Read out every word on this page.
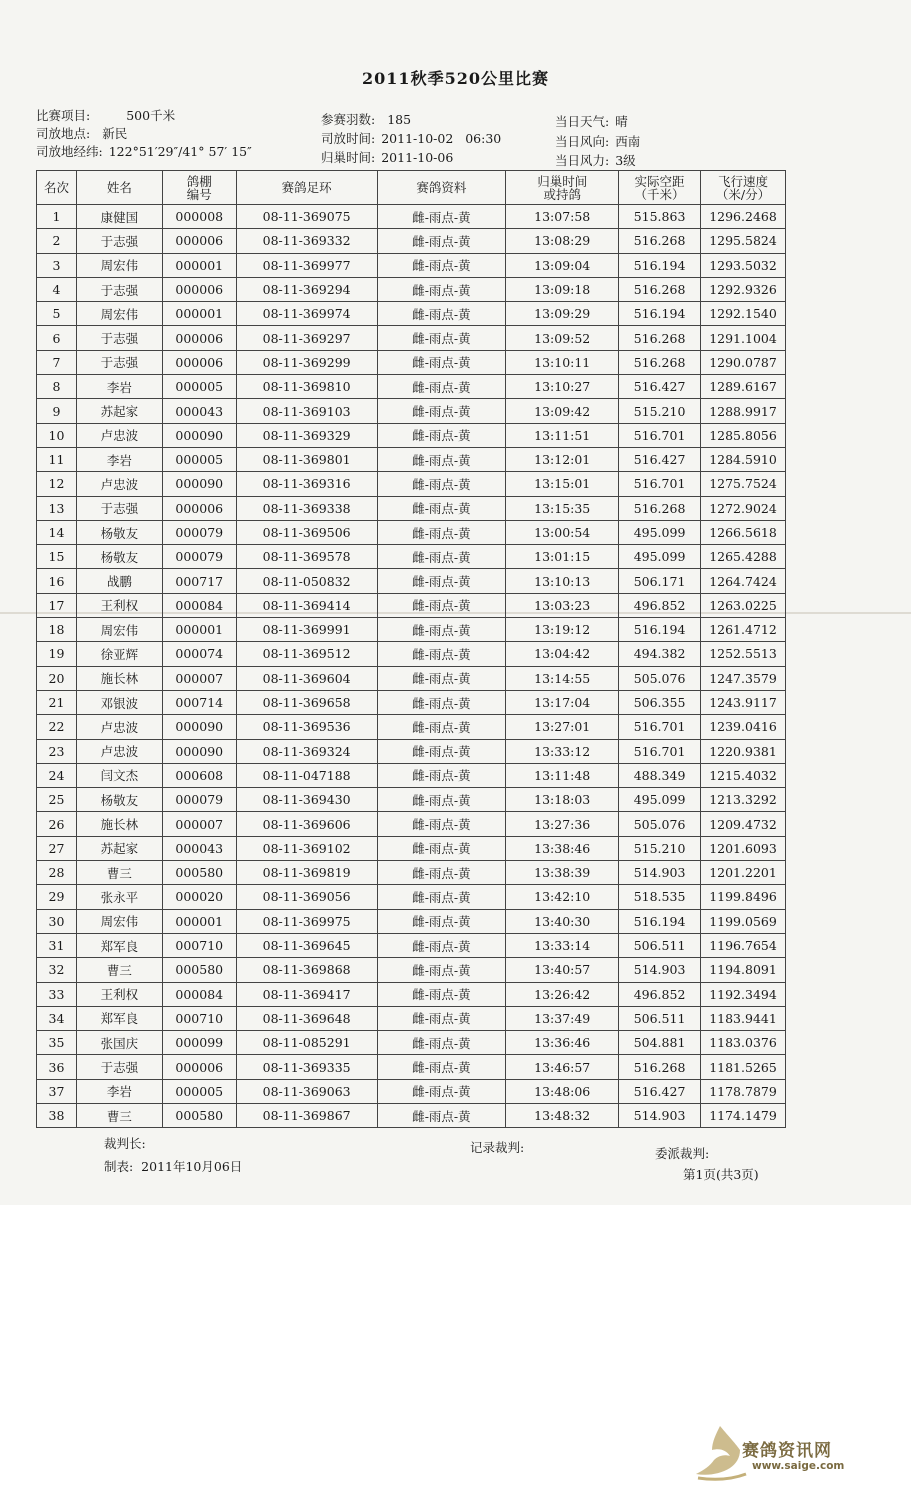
2011秋季520公里比赛
比赛项目:	500千米
司放地点: 新民
司放地经纬: 122°51′29″/41° 57′ 15″
参赛羽数: 185
司放时间: 2011-10-02   06:30
归巢时间: 2011-10-06
当日天气: 晴
当日风向: 西南
当日风力: 3级
名次	姓名	鸽棚编号	赛鸽足环	赛鸽资料	归巢时间或持鸽	实际空距（千米）	飞行速度（米/分）

1	康健国	000008	08-11-369075	雌-雨点-黄	13:07:58	515.863	1296.2468
2	于志强	000006	08-11-369332	雌-雨点-黄	13:08:29	516.268	1295.5824
3	周宏伟	000001	08-11-369977	雌-雨点-黄	13:09:04	516.194	1293.5032
4	于志强	000006	08-11-369294	雌-雨点-黄	13:09:18	516.268	1292.9326
5	周宏伟	000001	08-11-369974	雌-雨点-黄	13:09:29	516.194	1292.1540
6	于志强	000006	08-11-369297	雌-雨点-黄	13:09:52	516.268	1291.1004
7	于志强	000006	08-11-369299	雌-雨点-黄	13:10:11	516.268	1290.0787
8	李岩	000005	08-11-369810	雌-雨点-黄	13:10:27	516.427	1289.6167
9	苏起家	000043	08-11-369103	雌-雨点-黄	13:09:42	515.210	1288.9917
10	卢忠波	000090	08-11-369329	雌-雨点-黄	13:11:51	516.701	1285.8056
11	李岩	000005	08-11-369801	雌-雨点-黄	13:12:01	516.427	1284.5910
12	卢忠波	000090	08-11-369316	雌-雨点-黄	13:15:01	516.701	1275.7524
13	于志强	000006	08-11-369338	雌-雨点-黄	13:15:35	516.268	1272.9024
14	杨敬友	000079	08-11-369506	雌-雨点-黄	13:00:54	495.099	1266.5618
15	杨敬友	000079	08-11-369578	雌-雨点-黄	13:01:15	495.099	1265.4288
16	战鹏	000717	08-11-050832	雌-雨点-黄	13:10:13	506.171	1264.7424
17	王利权	000084	08-11-369414	雌-雨点-黄	13:03:23	496.852	1263.0225
18	周宏伟	000001	08-11-369991	雌-雨点-黄	13:19:12	516.194	1261.4712
19	徐亚辉	000074	08-11-369512	雌-雨点-黄	13:04:42	494.382	1252.5513
20	施长林	000007	08-11-369604	雌-雨点-黄	13:14:55	505.076	1247.3579
21	邓银波	000714	08-11-369658	雌-雨点-黄	13:17:04	506.355	1243.9117
22	卢忠波	000090	08-11-369536	雌-雨点-黄	13:27:01	516.701	1239.0416
23	卢忠波	000090	08-11-369324	雌-雨点-黄	13:33:12	516.701	1220.9381
24	闫文杰	000608	08-11-047188	雌-雨点-黄	13:11:48	488.349	1215.4032
25	杨敬友	000079	08-11-369430	雌-雨点-黄	13:18:03	495.099	1213.3292
26	施长林	000007	08-11-369606	雌-雨点-黄	13:27:36	505.076	1209.4732
27	苏起家	000043	08-11-369102	雌-雨点-黄	13:38:46	515.210	1201.6093
28	曹三	000580	08-11-369819	雌-雨点-黄	13:38:39	514.903	1201.2201
29	张永平	000020	08-11-369056	雌-雨点-黄	13:42:10	518.535	1199.8496
30	周宏伟	000001	08-11-369975	雌-雨点-黄	13:40:30	516.194	1199.0569
31	郑军良	000710	08-11-369645	雌-雨点-黄	13:33:14	506.511	1196.7654
32	曹三	000580	08-11-369868	雌-雨点-黄	13:40:57	514.903	1194.8091
33	王利权	000084	08-11-369417	雌-雨点-黄	13:26:42	496.852	1192.3494
34	郑军良	000710	08-11-369648	雌-雨点-黄	13:37:49	506.511	1183.9441
35	张国庆	000099	08-11-085291	雌-雨点-黄	13:36:46	504.881	1183.0376
36	于志强	000006	08-11-369335	雌-雨点-黄	13:46:57	516.268	1181.5265
37	李岩	000005	08-11-369063	雌-雨点-黄	13:48:06	516.427	1178.7879
38	曹三	000580	08-11-369867	雌-雨点-黄	13:48:32	514.903	1174.1479
裁判长:	记录裁判:	委派裁判:
制表:  2011年10月06日
第1页(共3页)
赛鸽资讯网
www.saige.com
